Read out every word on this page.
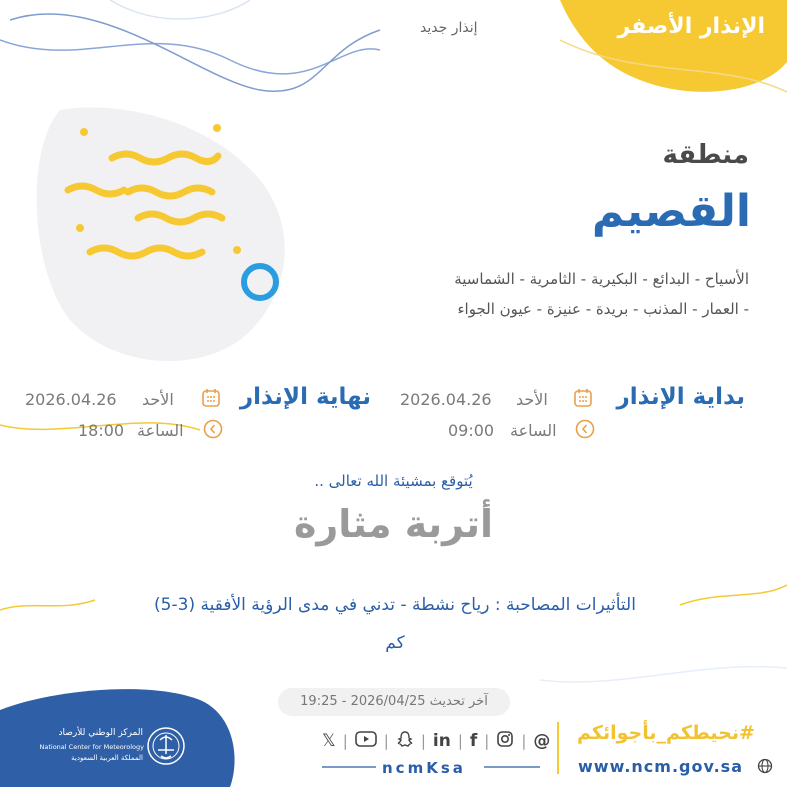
الإنذار الأصفر
إنذار جديد
منطقة
القصيم
الأسياح - البدائع - البكيرية - الثامرية - الشماسية
- العمار - المذنب - بريدة - عنيزة - عيون الجواء
بداية الإنذار
الأحد
2026.04.26
الساعة
09:00
نهاية الإنذار
الأحد
2026.04.26
الساعة
18:00
يُتوقع بمشيئة الله تعالى ..
أتربة مثارة
التأثيرات المصاحبة : رياح نشطة - تدني في مدى الرؤية الأفقية (3-5)
كم
آخر تحديث 2026/04/25 - 19:25
المركز الوطني للأرصاد
National Center for Meteorology
المملكة العربية السعودية
𝕏 | | | in | f | | @
ncmKsa
#نحيطكم_بأجوائكم
www.ncm.gov.sa
